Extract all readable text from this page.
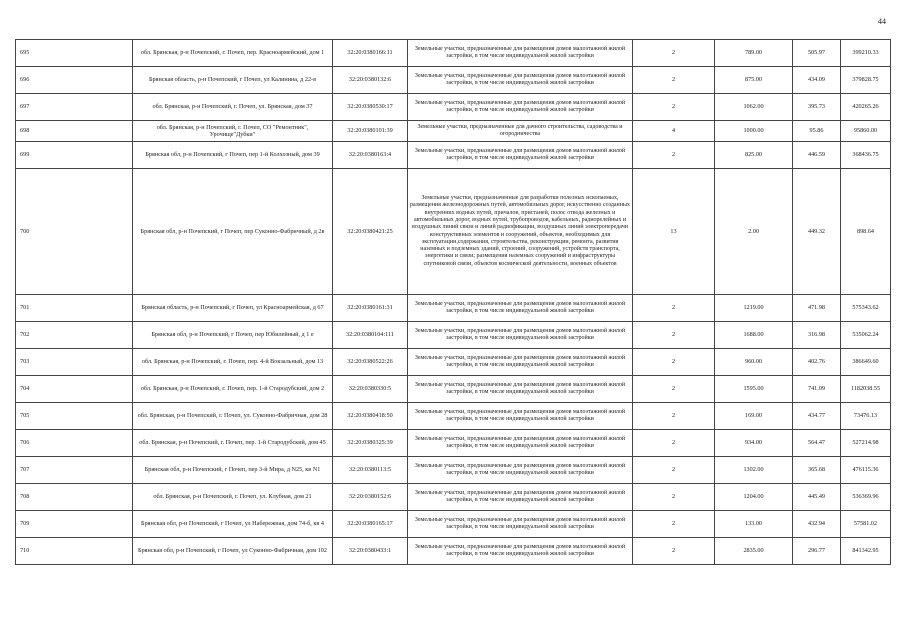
44
695	обл. Брянская, р-н Почепский, г. Почеп, пер. Красноармейский, дом 1	32:20:0380166:11	Земельные участки, предназначенные для размещения домов малоэтажной жилой застройки, в том числе индивидуальной жилой застройки	2	789.00	505.97	399210.33
696	Брянская область, р-н Почепский, г Почеп, ул Калинина, д 22-в	32:20:0380132:6	Земельные участки, предназначенные для размещения домов малоэтажной жилой застройки, в том числе индивидуальной жилой застройки	2	875.00	434.09	379828.75
697	обл. Брянская, р-н Почепский, г. Почеп, ул. Брянская, дом 37	32:20:0380530:17	Земельные участки, предназначенные для размещения домов малоэтажной жилой застройки, в том числе индивидуальной жилой застройки	2	1062.00	395.73	420265.26
698	обл. Брянская, р-н Почепский, г. Почеп, СО "Ремонтник", Урочище"Дубки"	32:20:0380101:39	Земельные участки, предназначенные для дачного строительства, садоводства и огородничества	4	1000.00	95.86	95860.00
699	Брянская обл, р-н Почепский, г Почеп, пер 1-й Колхозный, дом 39	32:20:0380163:4	Земельные участки, предназначенные для размещения домов малоэтажной жилой застройки, в том числе индивидуальной жилой застройки	2	825.00	446.59	368436.75
700	Брянская обл, р-н Почепский, г Почеп, пер Суконно-Фабричный, д 2в	32:20:0380421:25	Земельные участки, предназначенные для разработки полезных ископаемых, размещения железнодорожных путей, автомобильных дорог, искусственно созданных внутренних водных путей, причалов, пристаней, полос отвода железных и автомобильных дорог, водных путей, трубопроводов, кабельных, радиорелейных и воздушных линий связи и линий радиофикации, воздушных линий электропередачи конструктивных элементов и сооружений, объектов, необходимых для эксплуатации,содержания, строительства, реконструкции, ремонта, развития наземных и подземных зданий, строений, сооружений, устройств транспорта, энергетики и связи; размещения наземных сооружений и инфраструктуры спутниковой связи, объектов космической деятельности, военных объектов	13	2.00	449.32	898.64
701	Брянская область, р-н Почепский, г Почеп, ул Красноармейская, д 67	32:20:0380161:31	Земельные участки, предназначенные для размещения домов малоэтажной жилой застройки, в том числе индивидуальной жилой застройки	2	1219.00	471.98	575343.62
702	Брянская обл, р-н Почепский, г Почеп, пер Юбилейный, д 1 е	32:20:0380104:111	Земельные участки, предназначенные для размещения домов малоэтажной жилой застройки, в том числе индивидуальной жилой застройки	2	1688.00	316.98	535062.24
703	обл. Брянская, р-н Почепский, г. Почеп, пер. 4-й Вокзальный, дом 13	32:20:0380522:26	Земельные участки, предназначенные для размещения домов малоэтажной жилой застройки, в том числе индивидуальной жилой застройки	2	960.00	402.76	386649.60
704	обл. Брянская, р-н Почепский, г. Почеп, пер. 1-й Стародубский, дом 2	32:20:0380330:5	Земельные участки, предназначенные для размещения домов малоэтажной жилой застройки, в том числе индивидуальной жилой застройки	2	1595.00	741.09	1182038.55
705	обл. Брянская, р-н Почепский, г. Почеп, ул. Суконно-Фабричная, дом 28	32:20:0380418:50	Земельные участки, предназначенные для размещения домов малоэтажной жилой застройки, в том числе индивидуальной жилой застройки	2	169.00	434.77	73476.13
706	обл. Брянская, р-н Почепский, г. Почеп, пер. 1-й Стародубский, дом 45	32:20:0380325:39	Земельные участки, предназначенные для размещения домов малоэтажной жилой застройки, в том числе индивидуальной жилой застройки	2	934.00	564.47	527214.98
707	Брянская обл, р-н Почепский, г Почеп, пер 3-й Мира, д N25, кв N1	32:20:0380113:5	Земельные участки, предназначенные для размещения домов малоэтажной жилой застройки, в том числе индивидуальной жилой застройки	2	1302.00	365.68	476115.36
708	обл. Брянская, р-н Почепский, г. Почеп, ул. Клубная, дом 21	32:20:0380152:6	Земельные участки, предназначенные для размещения домов малоэтажной жилой застройки, в том числе индивидуальной жилой застройки	2	1204.00	445.49	536369.96
709	Брянская обл, р-н Почепский, г Почеп, ул Набережная, дом 74-б, кв 4	32:20:0380165:17	Земельные участки, предназначенные для размещения домов малоэтажной жилой застройки, в том числе индивидуальной жилой застройки	2	133.00	432.94	57581.02
710	Брянская обл, р-н Почепский, г Почеп, ул Суконно-Фабричная, дом 102	32:20:0380433:1	Земельные участки, предназначенные для размещения домов малоэтажной жилой застройки, в том числе индивидуальной жилой застройки	2	2835.00	296.77	841342.95
